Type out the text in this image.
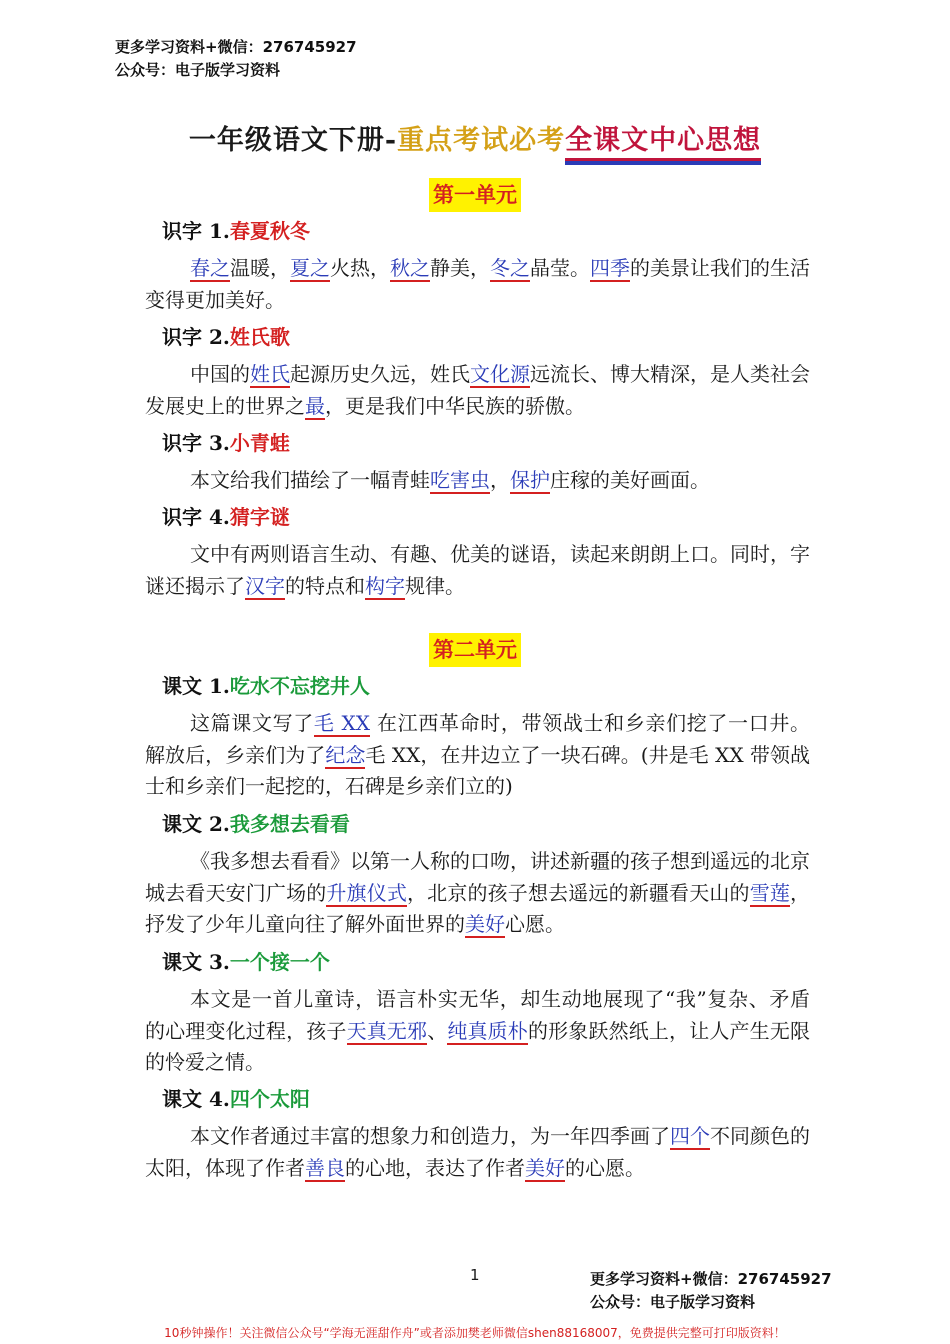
更多学习资料+微信：276745927
公众号：电子版学习资料
一年级语文下册-重点考试必考全课文中心思想
第一单元
识字 1.春夏秋冬
春之温暖，夏之火热，秋之静美，冬之晶莹。四季的美景让我们的生活变得更加美好。
识字 2.姓氏歌
中国的姓氏起源历史久远，姓氏文化源远流长、博大精深，是人类社会发展史上的世界之最，更是我们中华民族的骄傲。
识字 3.小青蛙
本文给我们描绘了一幅青蛙吃害虫，保护庄稼的美好画面。
识字 4.猜字谜
文中有两则语言生动、有趣、优美的谜语，读起来朗朗上口。同时，字谜还揭示了汉字的特点和构字规律。
第二单元
课文 1.吃水不忘挖井人
这篇课文写了毛 XX 在江西革命时，带领战士和乡亲们挖了一口井。解放后，乡亲们为了纪念毛 XX，在井边立了一块石碑。(井是毛 XX 带领战士和乡亲们一起挖的，石碑是乡亲们立的)
课文 2.我多想去看看
《我多想去看看》以第一人称的口吻，讲述新疆的孩子想到遥远的北京城去看天安门广场的升旗仪式，北京的孩子想去遥远的新疆看天山的雪莲，抒发了少年儿童向往了解外面世界的美好心愿。
课文 3.一个接一个
本文是一首儿童诗，语言朴实无华，却生动地展现了“我”复杂、矛盾的心理变化过程，孩子天真无邪、纯真质朴的形象跃然纸上，让人产生无限的怜爱之情。
课文 4.四个太阳
本文作者通过丰富的想象力和创造力，为一年四季画了四个不同颜色的太阳，体现了作者善良的心地，表达了作者美好的心愿。
1	更多学习资料+微信：276745927
公众号：电子版学习资料
10秒钟操作！关注微信公众号“学海无涯甜作舟”或者添加樊老师微信shen88168007，免费提供完整可打印版资料！
